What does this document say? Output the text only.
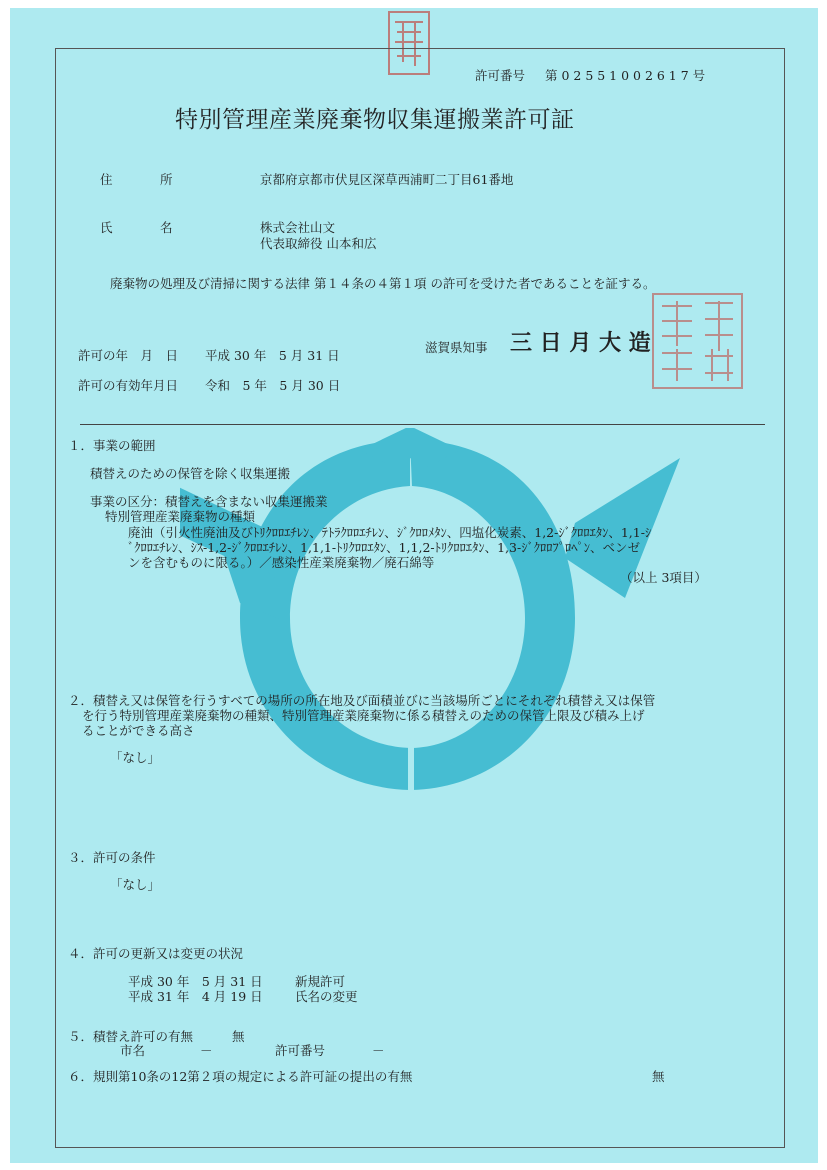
許可番号 第 0 2 5 5 1 0 0 2 6 1 7 号
特別管理産業廃棄物収集運搬業許可証
住	所	京都府京都市伏見区深草西浦町二丁目61番地
氏	名	株式会社山文
代表取締役 山本和広
廃棄物の処理及び清掃に関する法律 第１４条の４第１項 の許可を受けた者であることを証する。
滋賀県知事 三 日 月 大 造
許可の年　月　日 平成 30 年　5 月 31 日
許可の有効年月日 令和　5 年　5 月 30 日
１．事業の範囲
積替えのための保管を除く収集運搬
事業の区分：積替えを含まない収集運搬業
特別管理産業廃棄物の種類
廃油（引火性廃油及びﾄﾘｸﾛﾛｴﾁﾚﾝ、ﾃﾄﾗｸﾛﾛｴﾁﾚﾝ、ｼﾞｸﾛﾛﾒﾀﾝ、四塩化炭素、1,2-ｼﾞｸﾛﾛｴﾀﾝ、1,1-ｼ
ﾞｸﾛﾛｴﾁﾚﾝ、ｼｽ-1,2-ｼﾞｸﾛﾛｴﾁﾚﾝ、1,1,1-ﾄﾘｸﾛﾛｴﾀﾝ、1,1,2-ﾄﾘｸﾛﾛｴﾀﾝ、1,3-ｼﾞｸﾛﾛﾌﾟﾛﾍﾟﾝ、ベンゼ
ンを含むものに限る。）／感染性産業廃棄物／廃石綿等
（以上 3項目）
２．積替え又は保管を行うすべての場所の所在地及び面積並びに当該場所ごとにそれぞれ積替え又は保管
を行う特別管理産業廃棄物の種類、特別管理産業廃棄物に係る積替えのための保管上限及び積み上げ
ることができる高さ
「なし」
３．許可の条件
「なし」
４．許可の更新又は変更の状況
平成 30 年　5 月 31 日	新規許可
平成 31 年　4 月 19 日	氏名の変更
５．積替え許可の有無	無
市名	－	許可番号	－
６．規則第10条の12第２項の規定による許可証の提出の有無	無
